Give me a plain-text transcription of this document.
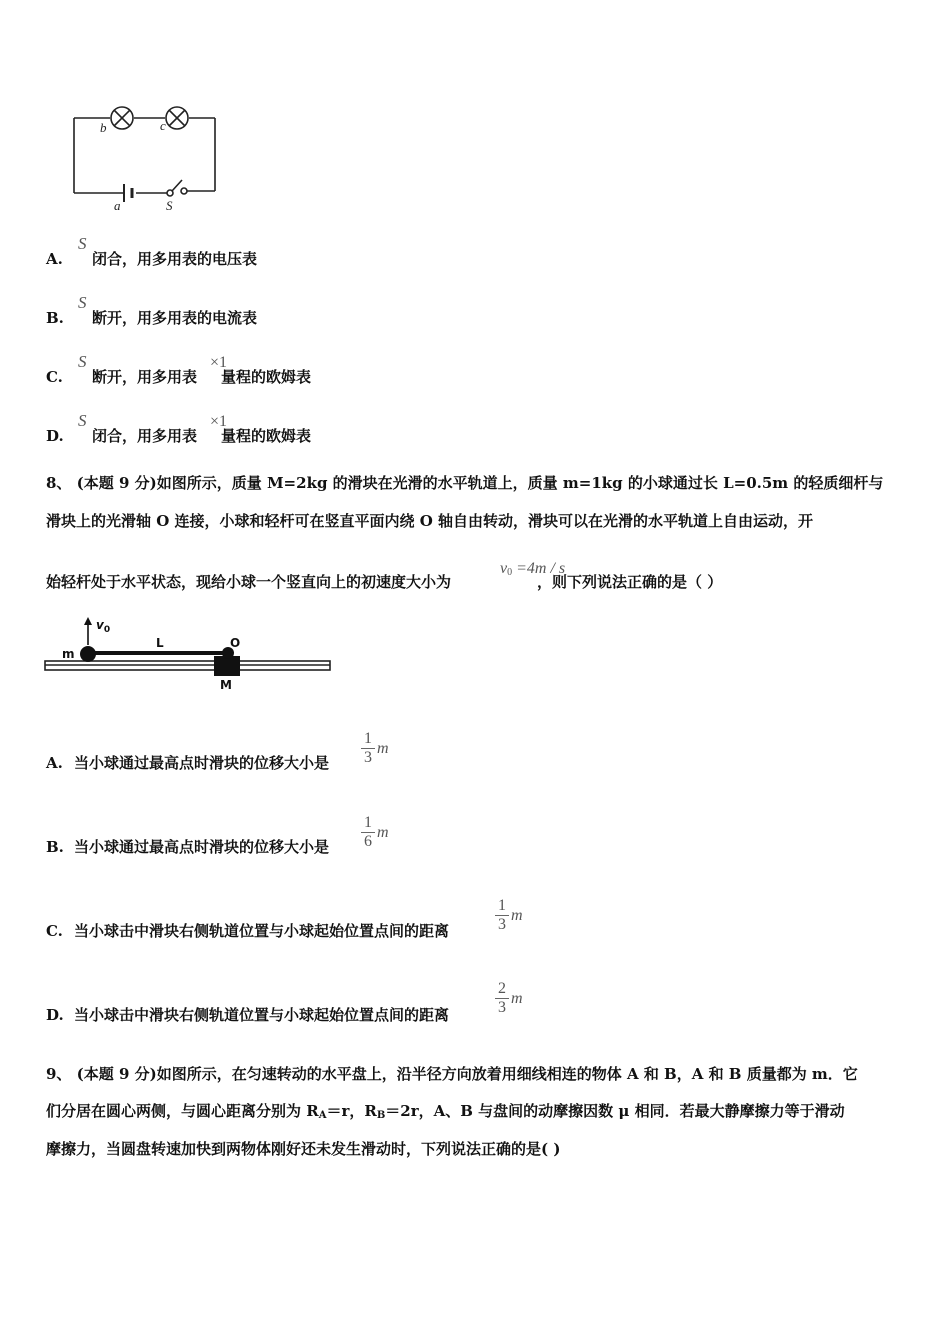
b	c
a	S
A. 闭合，用多用表的电压表
S
B. 断开，用多用表的电流表
S
C. 断开，用多用表 量程的欧姆表
S	×1
D. 闭合，用多用表 量程的欧姆表
S	×1
8、 (本题 9 分)如图所示，质量 M=2kg 的滑块在光滑的水平轨道上，质量 m=1kg 的小球通过长 L=0.5m 的轻质细杆与
滑块上的光滑轴 O 连接，小球和轻杆可在竖直平面内绕 O 轴自由转动，滑块可以在光滑的水平轨道上自由运动，开
始轻杆处于水平状态，现给小球一个竖直向上的初速度大小为	，则下列说法正确的是（ ）
$v_0 =4m / s$
m
$v_0$
L	O
M
A. 当小球通过最高点时滑块的位移大小是 $\frac{1}{3}$ m
B. 当小球通过最高点时滑块的位移大小是 $\frac{1}{6}$ m
C. 当小球击中滑块右侧轨道位置与小球起始位置点间的距离	$\frac{1}{3}$ m
D. 当小球击中滑块右侧轨道位置与小球起始位置点间的距离	$\frac{2}{3}$ m
9、 (本题 9 分)如图所示，在匀速转动的水平盘上，沿半径方向放着用细线相连的物体 A 和 B，A 和 B 质量都为 m．它
们分居在圆心两侧，与圆心距离分别为 $R_A=r$，$R_B=2r$，A、B 与盘间的动摩擦因数 μ 相同．若最大静摩擦力等于滑动
摩擦力，当圆盘转速加快到两物体刚好还未发生滑动时，下列说法正确的是( )
